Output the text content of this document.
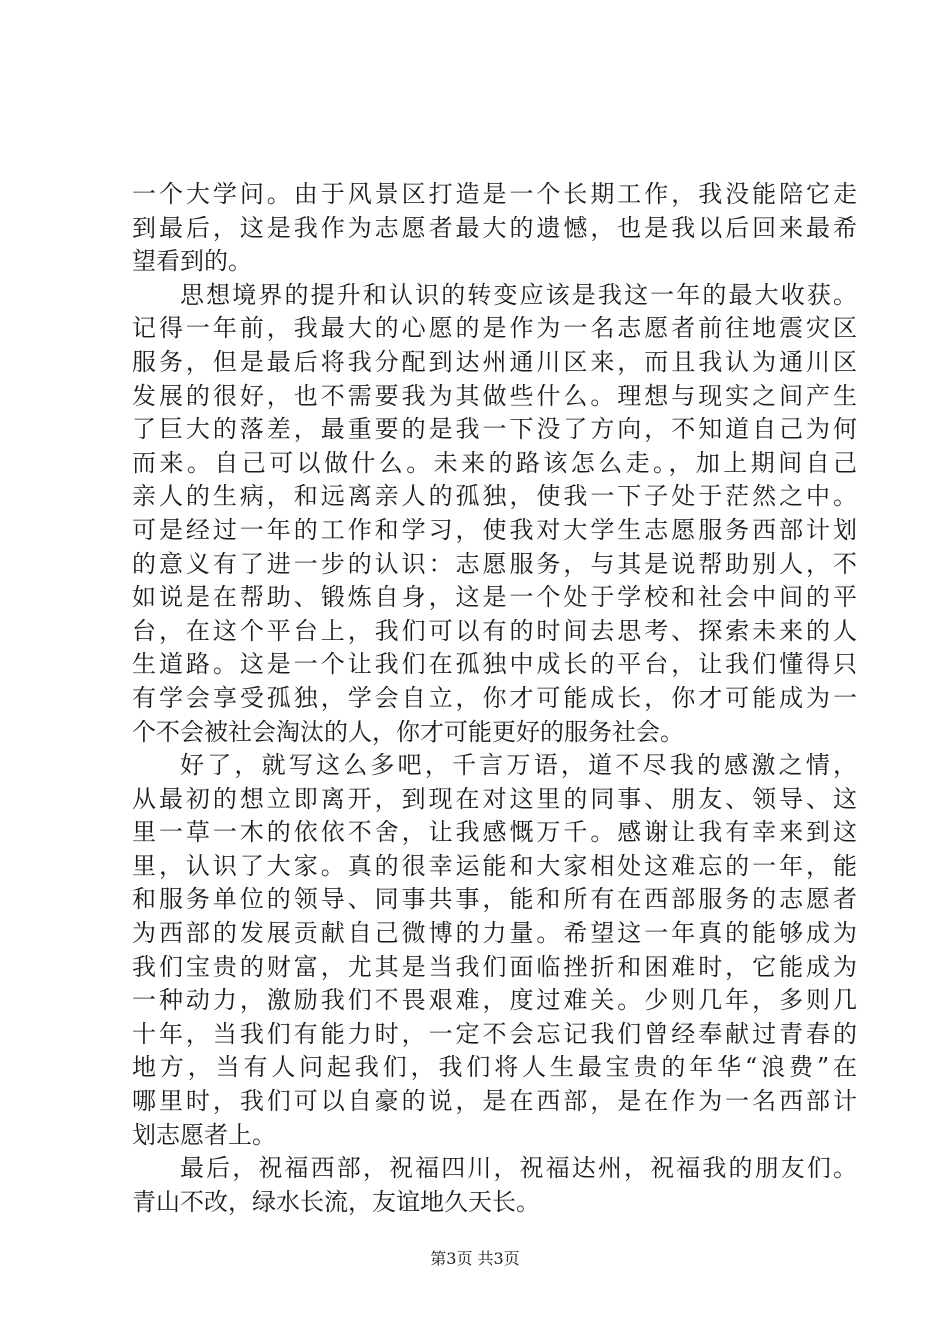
一个大学问。由于风景区打造是一个长期工作，我没能陪它走
到最后，这是我作为志愿者最大的遗憾，也是我以后回来最希
望看到的。
思想境界的提升和认识的转变应该是我这一年的最大收获。
记得一年前，我最大的心愿的是作为一名志愿者前往地震灾区
服务，但是最后将我分配到达州通川区来，而且我认为通川区
发展的很好，也不需要我为其做些什么。理想与现实之间产生
了巨大的落差，最重要的是我一下没了方向，不知道自己为何
而来。自己可以做什么。未来的路该怎么走。，加上期间自己
亲人的生病，和远离亲人的孤独，使我一下子处于茫然之中。
可是经过一年的工作和学习，使我对大学生志愿服务西部计划
的意义有了进一步的认识：志愿服务，与其是说帮助别人，不
如说是在帮助、锻炼自身，这是一个处于学校和社会中间的平
台，在这个平台上，我们可以有的时间去思考、探索未来的人
生道路。这是一个让我们在孤独中成长的平台，让我们懂得只
有学会享受孤独，学会自立，你才可能成长，你才可能成为一
个不会被社会淘汰的人，你才可能更好的服务社会。
好了，就写这么多吧，千言万语，道不尽我的感激之情，
从最初的想立即离开，到现在对这里的同事、朋友、领导、这
里一草一木的依依不舍，让我感慨万千。感谢让我有幸来到这
里，认识了大家。真的很幸运能和大家相处这难忘的一年，能
和服务单位的领导、同事共事，能和所有在西部服务的志愿者
为西部的发展贡献自己微博的力量。希望这一年真的能够成为
我们宝贵的财富，尤其是当我们面临挫折和困难时，它能成为
一种动力，激励我们不畏艰难，度过难关。少则几年，多则几
十年，当我们有能力时，一定不会忘记我们曾经奉献过青春的
地方，当有人问起我们，我们将人生最宝贵的年华“浪费”在
哪里时，我们可以自豪的说，是在西部，是在作为一名西部计
划志愿者上。
最后，祝福西部，祝福四川，祝福达州，祝福我的朋友们。
青山不改，绿水长流，友谊地久天长。
第3页 共3页
